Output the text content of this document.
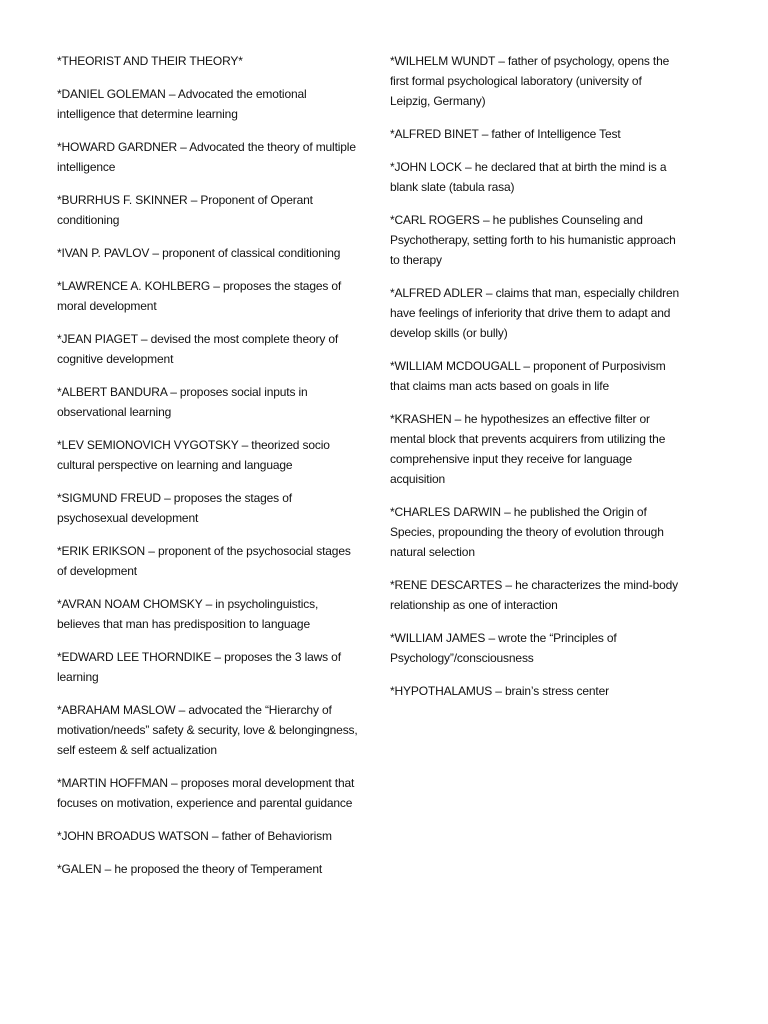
*THEORIST AND THEIR THEORY*

*DANIEL GOLEMAN – Advocated the emotional intelligence that determine learning

*HOWARD GARDNER – Advocated the theory of multiple intelligence

*BURRHUS F. SKINNER – Proponent of Operant conditioning

*IVAN P. PAVLOV – proponent of classical conditioning

*LAWRENCE A. KOHLBERG – proposes the stages of moral development

*JEAN PIAGET – devised the most complete theory of cognitive development

*ALBERT BANDURA – proposes social inputs in observational learning

*LEV SEMIONOVICH VYGOTSKY – theorized socio cultural perspective on learning and language

*SIGMUND FREUD – proposes the stages of psychosexual development

*ERIK ERIKSON – proponent of the psychosocial stages of development

*AVRAN NOAM CHOMSKY – in psycholinguistics, believes that man has predisposition to language

*EDWARD LEE THORNDIKE – proposes the 3 laws of learning

*ABRAHAM MASLOW – advocated the “Hierarchy of motivation/needs” safety & security, love & belongingness, self esteem & self actualization

*MARTIN HOFFMAN – proposes moral development that focuses on motivation, experience and parental guidance

*JOHN BROADUS WATSON – father of Behaviorism

*GALEN – he proposed the theory of Temperament

*WILHELM WUNDT – father of psychology, opens the first formal psychological laboratory (university of Leipzig, Germany)

*ALFRED BINET – father of Intelligence Test

*JOHN LOCK – he declared that at birth the mind is a blank slate (tabula rasa)

*CARL ROGERS – he publishes Counseling and Psychotherapy, setting forth to his humanistic approach to therapy

*ALFRED ADLER – claims that man, especially children have feelings of inferiority that drive them to adapt and develop skills (or bully)

*WILLIAM MCDOUGALL – proponent of Purposivism that claims man acts based on goals in life

*KRASHEN – he hypothesizes an effective filter or mental block that prevents acquirers from utilizing the comprehensive input they receive for language acquisition

*CHARLES DARWIN – he published the Origin of Species, propounding the theory of evolution through natural selection

*RENE DESCARTES – he characterizes the mind-body relationship as one of interaction

*WILLIAM JAMES – wrote the “Principles of Psychology”/consciousness

*HYPOTHALAMUS – brain’s stress center
